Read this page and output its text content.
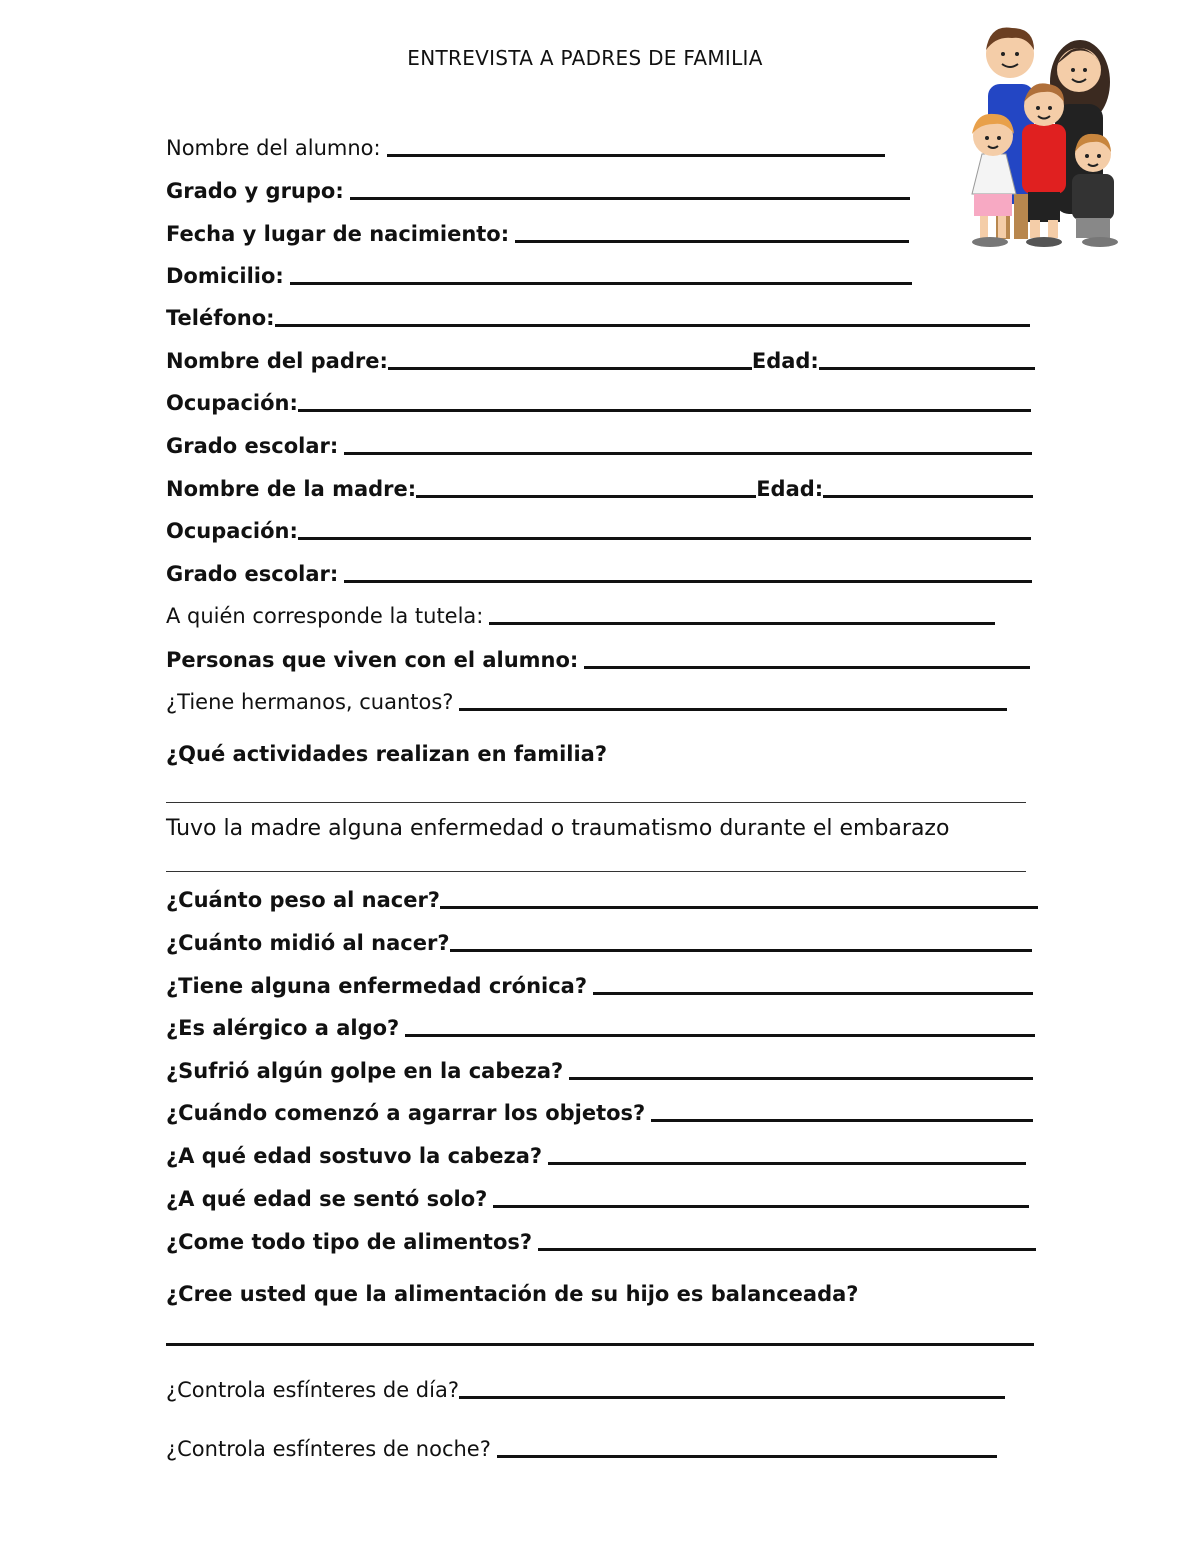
ENTREVISTA A PADRES DE FAMILIA
Nombre del alumno:
Grado y grupo:
Fecha y lugar de nacimiento:
Domicilio:
Teléfono:
Nombre del padre:	Edad:
Ocupación:
Grado escolar:
Nombre de la madre:	Edad:
Ocupación:
Grado escolar:
A quién corresponde la tutela:
Personas que viven con el alumno:
¿Tiene hermanos, cuantos?
¿Qué actividades realizan en familia?
Tuvo la madre alguna enfermedad o traumatismo durante el embarazo
¿Cuánto peso al nacer?
¿Cuánto midió al nacer?
¿Tiene alguna enfermedad crónica?
¿Es alérgico a algo?
¿Sufrió algún golpe en la cabeza?
¿Cuándo comenzó a agarrar los objetos?
¿A qué edad sostuvo la cabeza?
¿A qué edad se sentó solo?
¿Come todo tipo de alimentos?
¿Cree usted que la alimentación de su hijo es balanceada?
¿Controla esfínteres de día?
¿Controla esfínteres de noche?
